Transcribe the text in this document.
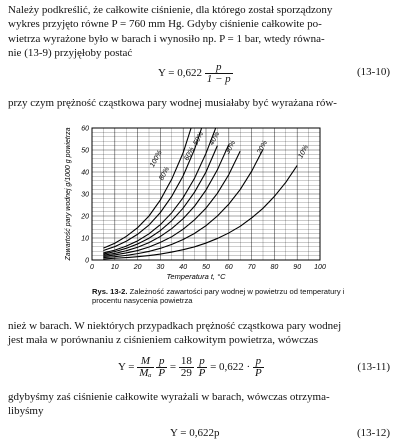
Należy podkreślić, że całkowite ciśnienie, dla którego został sporządzony
wykres przyjęto równe P = 760 mm Hg. Gdyby ciśnienie całkowite po-
wietrza wyrażone było w barach i wynosiło np. P = 1 bar, wtedy równa-
nie (13-9) przyjęłoby postać
$Y = 0,622 \frac{p}{1 - p}$	(13-10)
przy czym prężność cząstkowa pary wodnej musiałaby być wyrażana rów-
100%
80%
60%
50% 40%
30%	20%	10%
0 10 20 30 40 50 60 70 80 90 100
0
10
20
30
40
50
60
Temperatura t, °C
Zawartość pary wodnej g/1000 g powietrza
Rys. 13-2. Zależność zawartości pary wodnej w powietrzu od temperatury i procentu nasycenia powietrza
nież w barach. W niektórych przypadkach prężność cząstkowa pary wodnej
jest mała w porównaniu z ciśnieniem całkowitym powietrza, wówczas
$Y = \frac{M}{\text{Mₐ}}$
$\frac{p}{P} = \frac{18}{29}$
$\frac{p}{P} = 0,622 \cdot \frac{p}{P}$	(13-11)
gdybyśmy zaś ciśnienie całkowite wyrażali w barach, wówczas otrzyma-
libyśmy
Y = 0,622p	(13-12)
